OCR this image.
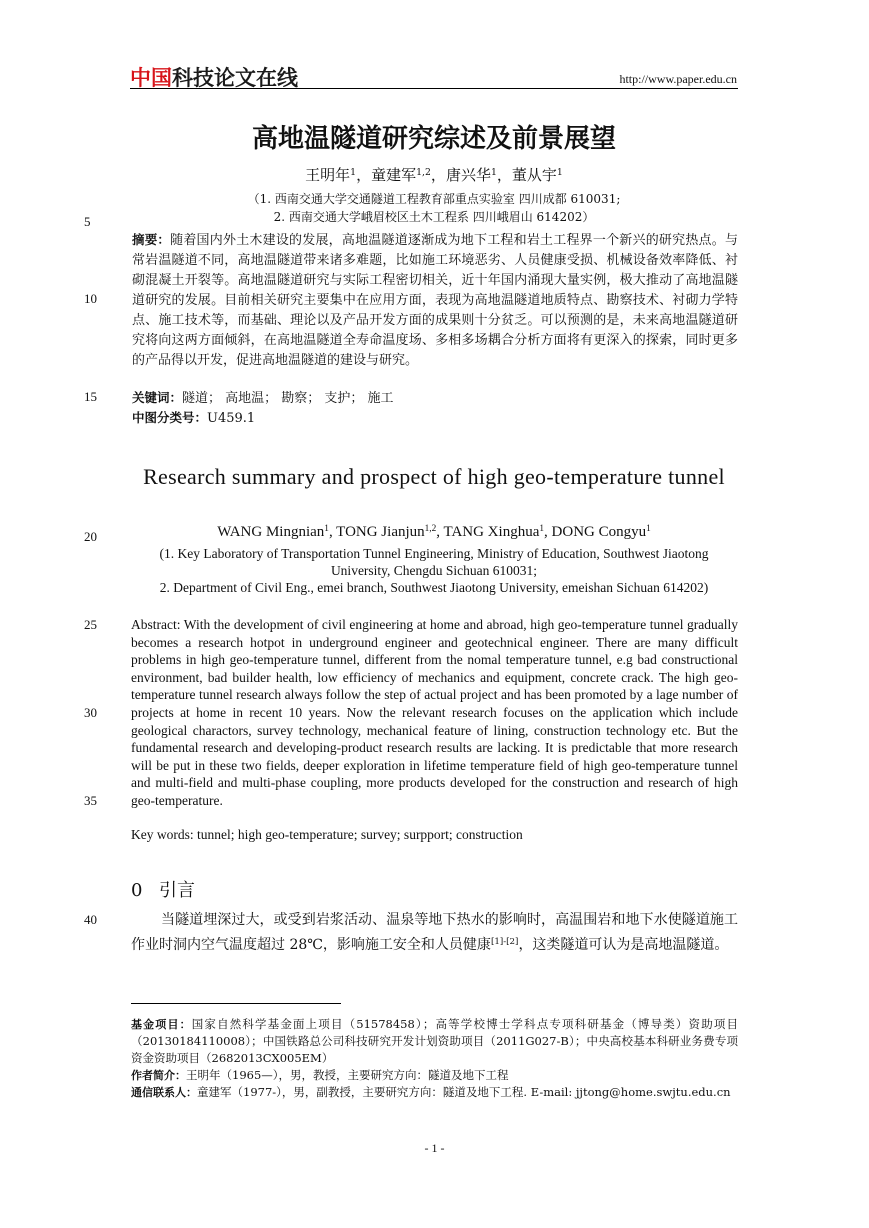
中国科技论文在线	http://www.paper.edu.cn
5
10
15
20
25
30
35
40
高地温隧道研究综述及前景展望
王明年$^1$，童建军$^{1,2}$，唐兴华$^1$，董从宇$^1$
（1. 西南交通大学交通隧道工程教育部重点实验室 四川成都 610031;
2. 西南交通大学峨眉校区土木工程系 四川峨眉山 614202）
摘要：随着国内外土木建设的发展，高地温隧道逐渐成为地下工程和岩土工程界一个新兴的研究热点。与常岩温隧道不同，高地温隧道带来诸多难题，比如施工环境恶劣、人员健康受损、机械设备效率降低、衬砌混凝土开裂等。高地温隧道研究与实际工程密切相关，近十年国内涌现大量实例，极大推动了高地温隧道研究的发展。目前相关研究主要集中在应用方面，表现为高地温隧道地质特点、勘察技术、衬砌力学特点、施工技术等，而基础、理论以及产品开发方面的成果则十分贫乏。可以预测的是，未来高地温隧道研究将向这两方面倾斜，在高地温隧道全寿命温度场、多相多场耦合分析方面将有更深入的探索，同时更多的产品得以开发，促进高地温隧道的建设与研究。
关键词：隧道； 高地温； 勘察； 支护； 施工
中图分类号：U459.1
Research summary and prospect of high geo-temperature tunnel
WANG Mingnian$^1$, TONG Jianjun$^{1,2}$, TANG Xinghua$^1$, DONG Congyu$^1$
(1. Key Laboratory of Transportation Tunnel Engineering, Ministry of Education, Southwest Jiaotong University, Chengdu Sichuan 610031;
2. Department of Civil Eng., emei branch, Southwest Jiaotong University, emeishan Sichuan 614202)
Abstract: With the development of civil engineering at home and abroad, high geo-temperature tunnel gradually becomes a research hotpot in underground engineer and geotechnical engineer. There are many difficult problems in high geo-temperature tunnel, different from the nomal temperature tunnel, e.g bad constructional environment, bad builder health, low efficiency of mechanics and equipment, concrete crack. The high geo-temperature tunnel research always follow the step of actual project and has been promoted by a lage number of projects at home in recent 10 years. Now the relevant research focuses on the application which include geological charactors, survey technology, mechanical feature of lining, construction technology etc. But the fundamental research and developing-product research results are lacking. It is predictable that more research will be put in these two fields, deeper exploration in lifetime temperature field of high geo-temperature tunnel and multi-field and multi-phase coupling, more products developed for the construction and research of high geo-temperature.
Key words: tunnel; high geo-temperature; survey; surpport; construction
0 引言
当隧道埋深过大，或受到岩浆活动、温泉等地下热水的影响时，高温围岩和地下水使隧道施工作业时洞内空气温度超过 28℃，影响施工安全和人员健康[1]-[2]，这类隧道可认为是高地温隧道。

基金项目：国家自然科学基金面上项目（51578458）；高等学校博士学科点专项科研基金（博导类）资助项目（20130184110008）；中国铁路总公司科技研究开发计划资助项目（2011G027-B）；中央高校基本科研业务费专项资金资助项目（2682013CX005EM）

作者简介：王明年（1965—），男，教授，主要研究方向：隧道及地下工程

通信联系人：童建军（1977-），男，副教授，主要研究方向：隧道及地下工程. E-mail: jjtong@home.swjtu.edu.cn

- 1 -
